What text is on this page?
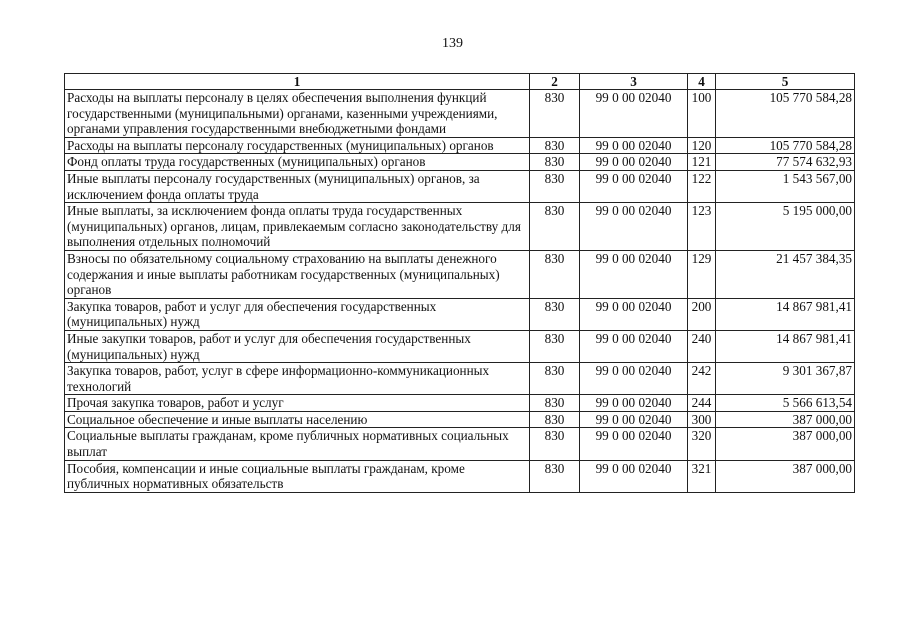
139
1	2	3	4	5
Расходы на выплаты персоналу в целях обеспечения выполнения функций государственными (муниципальными) органами, казенными учреждениями, органами управления государственными внебюджетными фондами	830	99 0 00 02040	100	105 770 584,28
Расходы на выплаты персоналу государственных (муниципальных) органов	830	99 0 00 02040	120	105 770 584,28
Фонд оплаты труда государственных (муниципальных) органов	830	99 0 00 02040	121	77 574 632,93
Иные выплаты персоналу государственных (муниципальных) органов, за исключением фонда оплаты труда	830	99 0 00 02040	122	1 543 567,00
Иные выплаты, за исключением фонда оплаты труда государственных (муниципальных) органов, лицам, привлекаемым согласно законодательству для выполнения отдельных полномочий	830	99 0 00 02040	123	5 195 000,00
Взносы по обязательному социальному страхованию на выплаты денежного содержания и иные выплаты работникам государственных (муниципальных) органов	830	99 0 00 02040	129	21 457 384,35
Закупка товаров, работ и услуг для обеспечения государственных (муниципальных) нужд	830	99 0 00 02040	200	14 867 981,41
Иные закупки товаров, работ и услуг для обеспечения государственных (муниципальных) нужд	830	99 0 00 02040	240	14 867 981,41
Закупка товаров, работ, услуг в сфере информационно-коммуникационных технологий	830	99 0 00 02040	242	9 301 367,87
Прочая закупка товаров, работ и услуг	830	99 0 00 02040	244	5 566 613,54
Социальное обеспечение и иные выплаты населению	830	99 0 00 02040	300	387 000,00
Социальные выплаты гражданам, кроме публичных нормативных социальных выплат	830	99 0 00 02040	320	387 000,00
Пособия, компенсации и иные социальные выплаты гражданам, кроме публичных нормативных обязательств	830	99 0 00 02040	321	387 000,00
